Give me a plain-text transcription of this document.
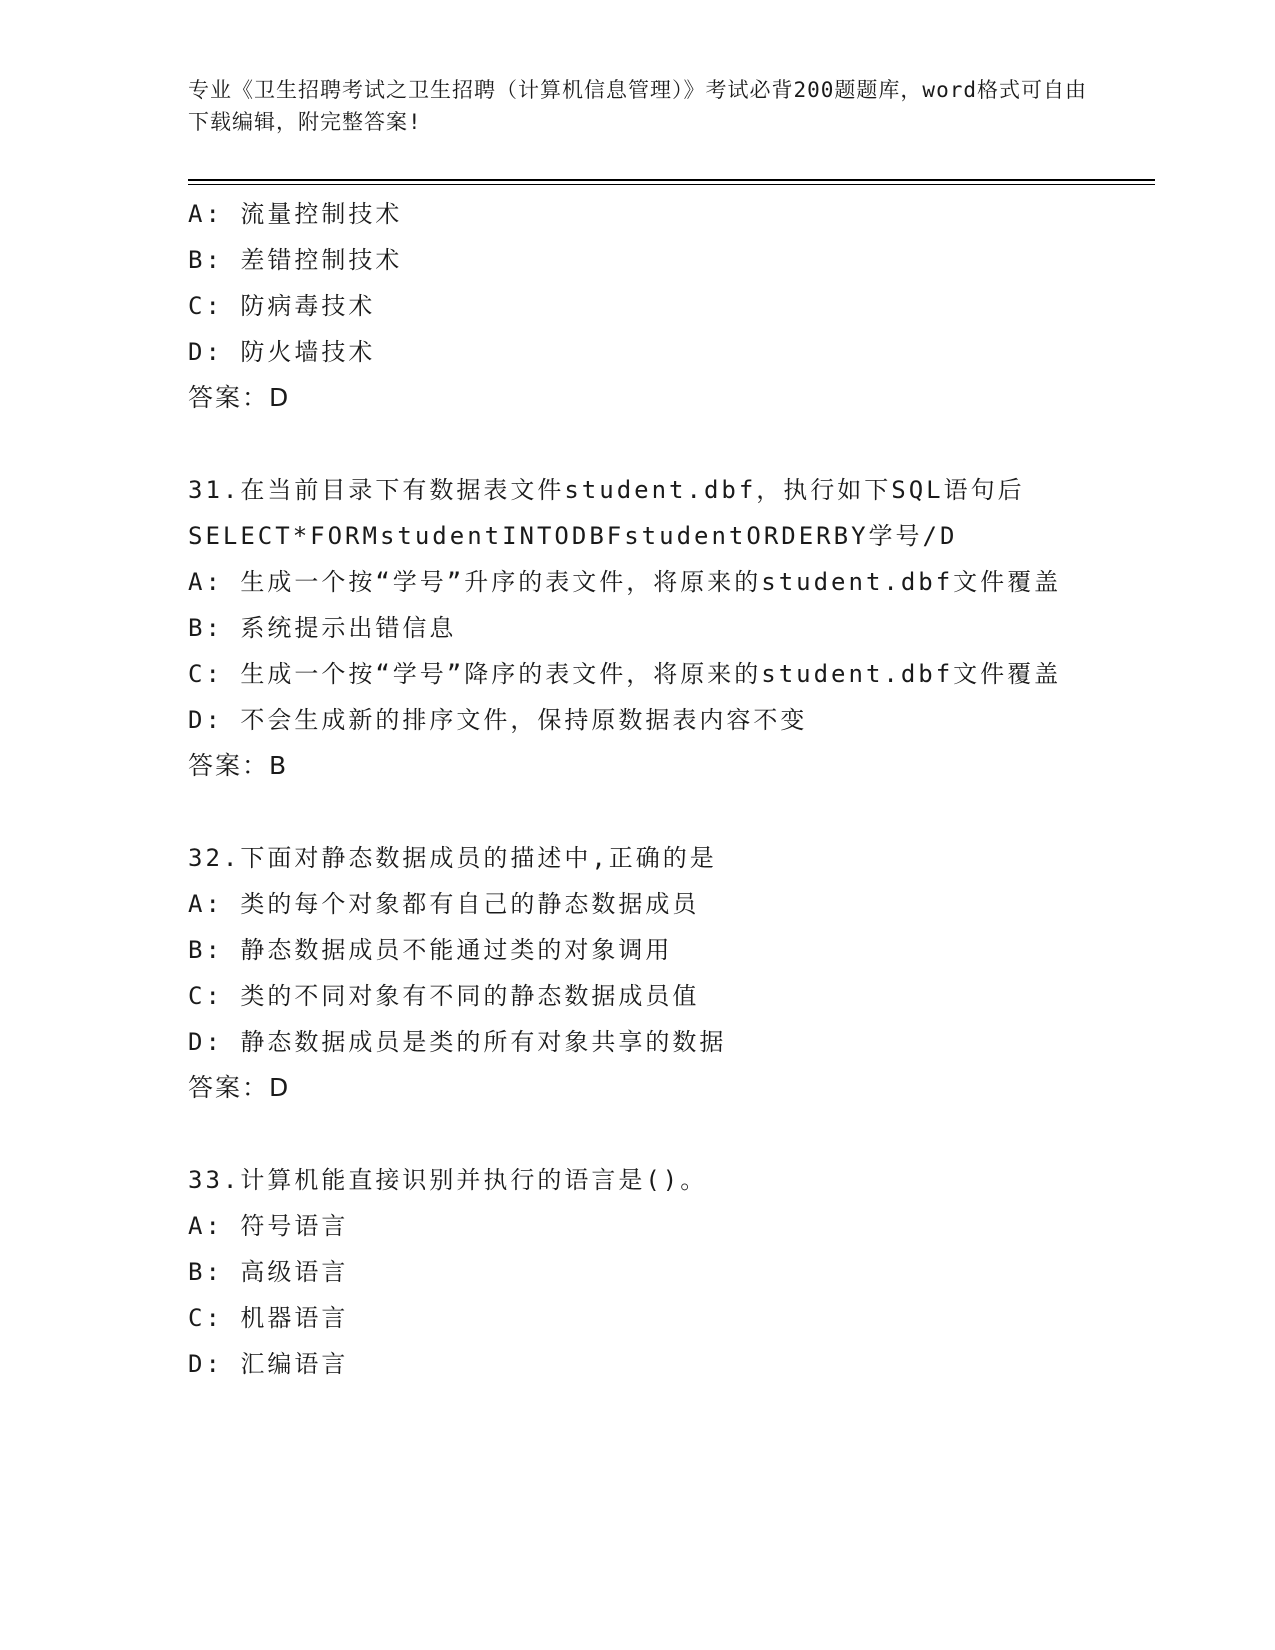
专业《卫生招聘考试之卫生招聘（计算机信息管理）》考试必背200题题库，word格式可自由下载编辑，附完整答案!
A: 流量控制技术
B: 差错控制技术
C: 防病毒技术
D: 防火墙技术
答案：D
31.在当前目录下有数据表文件student.dbf，执行如下SQL语句后
SELECT*FORMstudentINTODBFstudentORDERBY学号/D
A: 生成一个按“学号”升序的表文件，将原来的student.dbf文件覆盖
B: 系统提示出错信息
C: 生成一个按“学号”降序的表文件，将原来的student.dbf文件覆盖
D: 不会生成新的排序文件，保持原数据表内容不变
答案：B
32.下面对静态数据成员的描述中,正确的是
A: 类的每个对象都有自己的静态数据成员
B: 静态数据成员不能通过类的对象调用
C: 类的不同对象有不同的静态数据成员值
D: 静态数据成员是类的所有对象共享的数据
答案：D
33.计算机能直接识别并执行的语言是()。
A: 符号语言
B: 高级语言
C: 机器语言
D: 汇编语言
